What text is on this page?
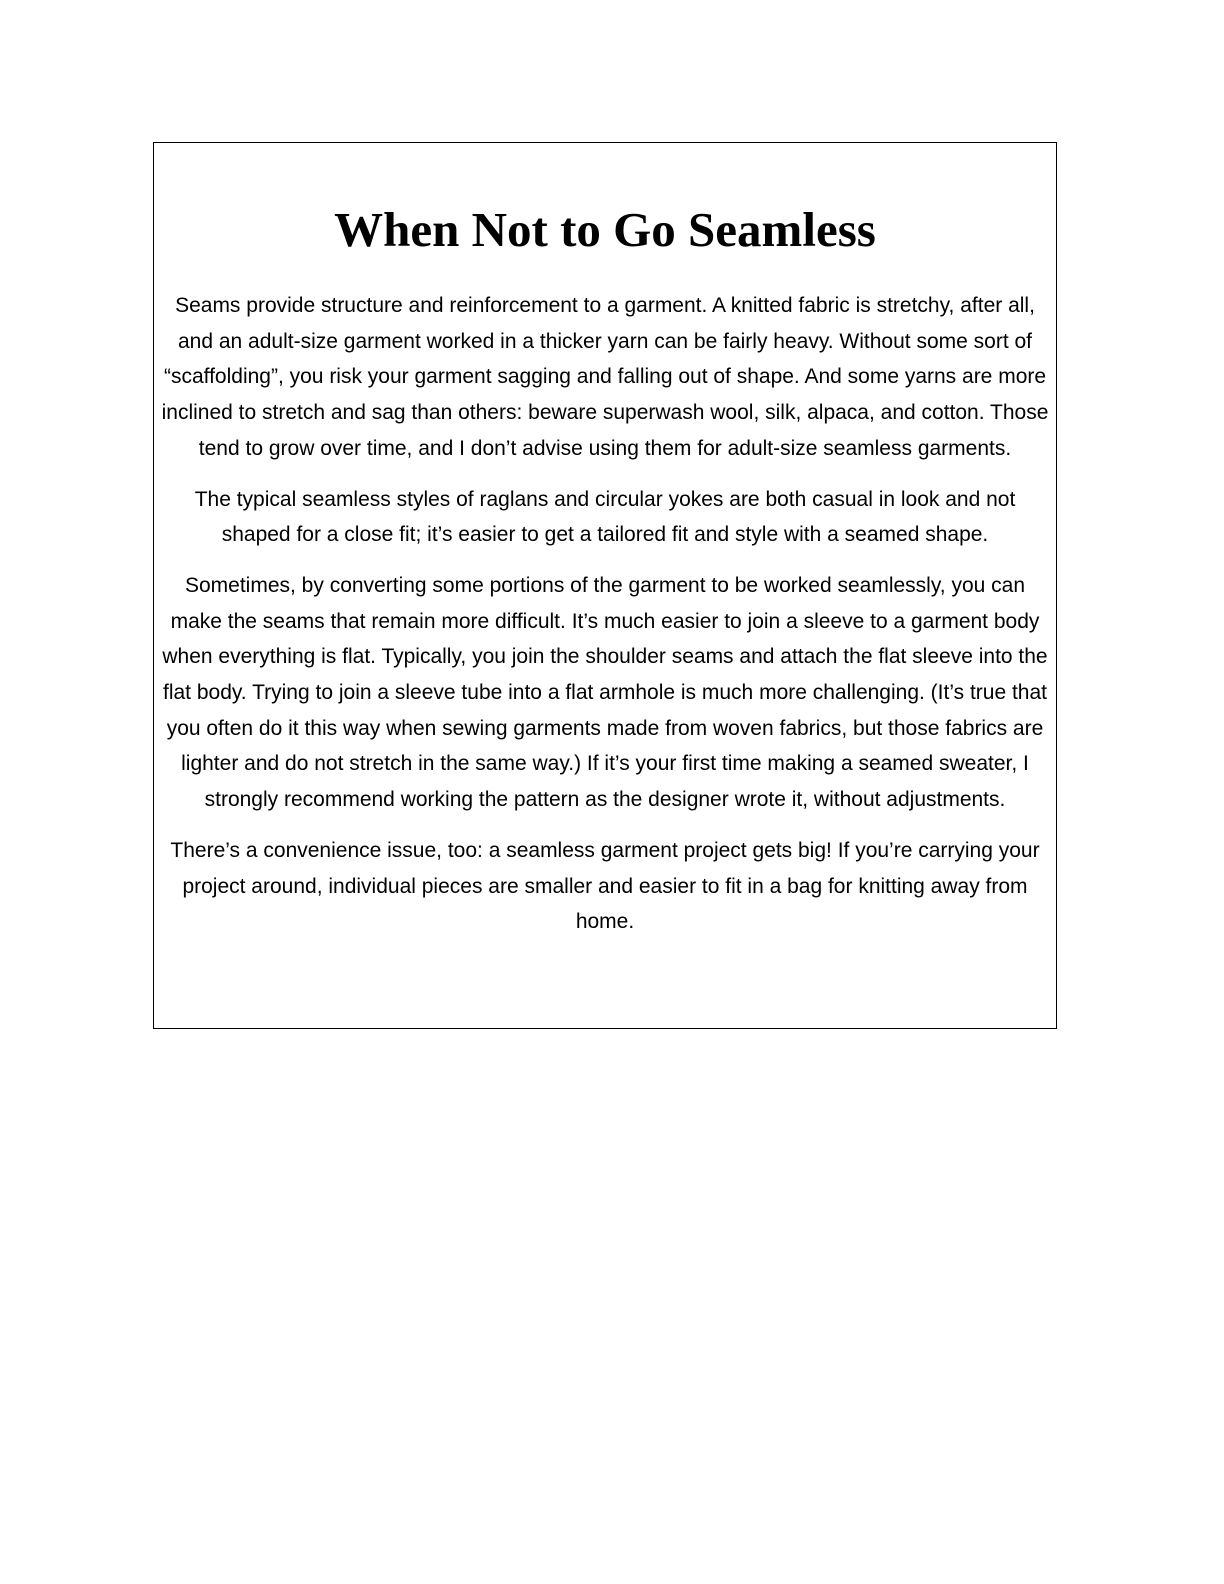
When Not to Go Seamless

Seams provide structure and reinforcement to a garment. A knitted fabric is stretchy, after all, and an adult-size garment worked in a thicker yarn can be fairly heavy. Without some sort of “scaffolding”, you risk your garment sagging and falling out of shape. And some yarns are more inclined to stretch and sag than others: beware superwash wool, silk, alpaca, and cotton. Those tend to grow over time, and I don’t advise using them for adult-size seamless garments.

The typical seamless styles of raglans and circular yokes are both casual in look and not shaped for a close fit; it’s easier to get a tailored fit and style with a seamed shape.

Sometimes, by converting some portions of the garment to be worked seamlessly, you can make the seams that remain more difficult. It’s much easier to join a sleeve to a garment body when everything is flat. Typically, you join the shoulder seams and attach the flat sleeve into the flat body. Trying to join a sleeve tube into a flat armhole is much more challenging. (It’s true that you often do it this way when sewing garments made from woven fabrics, but those fabrics are lighter and do not stretch in the same way.) If it’s your first time making a seamed sweater, I strongly recommend working the pattern as the designer wrote it, without adjustments.

There’s a convenience issue, too: a seamless garment project gets big! If you’re carrying your project around, individual pieces are smaller and easier to fit in a bag for knitting away from home.
